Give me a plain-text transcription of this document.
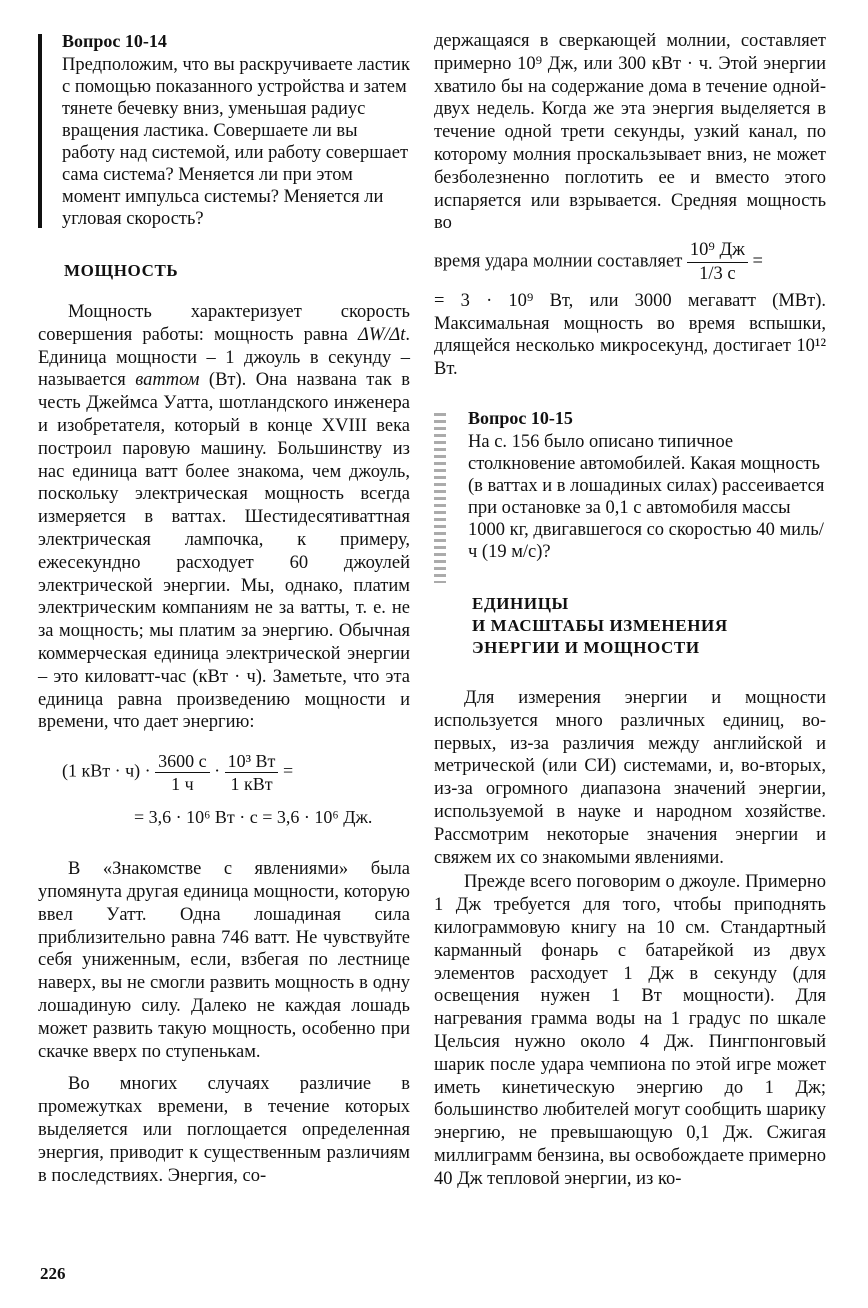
Вопрос 10-14
Предположим, что вы раскручиваете ластик с помощью показанного устройства и затем тянете бечевку вниз, уменьшая радиус вращения ластика. Совершаете ли вы работу над системой, или работу совершает сама система? Меняется ли при этом момент импульса системы? Меняется ли угловая скорость?
МОЩНОСТЬ

Мощность характеризует скорость совершения работы: мощность равна ΔW/Δt. Единица мощности – 1 джоуль в секунду – называется ваттом (Вт). Она названа так в честь Джеймса Уатта, шотландского инженера и изобретателя, который в конце XVIII века построил паровую машину. Большинству из нас единица ватт более знакома, чем джоуль, поскольку электрическая мощность всегда измеряется в ваттах. Шестидесятиваттная электрическая лампочка, к примеру, ежесекундно расходует 60 джоулей электрической энергии. Мы, однако, платим электрическим компаниям не за ватты, т. е. не за мощность; мы платим за энергию. Обычная коммерческая единица электрической энергии – это киловатт-час (кВт · ч). Заметьте, что эта единица равна произведению мощности и времени, что дает энергию:

(1 кВт · $ч) \cdot \frac{3600 с}{1 ч} \cdot \frac{\text{10³ Вт}}{\text{1 кВт}}$ =
= 3,6 · 10⁶ Вт · с = 3,6 · 10⁶ Дж.

В «Знакомстве с явлениями» была упомянута другая единица мощности, которую ввел Уатт. Одна лошадиная сила приблизительно равна 746 ватт. Не чувствуйте себя униженным, если, взбегая по лестнице наверх, вы не смогли развить мощность в одну лошадиную силу. Далеко не каждая лошадь может развить такую мощность, особенно при скачке вверх по ступенькам.

Во многих случаях различие в промежутках времени, в течение которых выделяется или поглощается определенная энергия, приводит к существенным различиям в последствиях. Энергия, со-

226

держащаяся в сверкающей молнии, составляет примерно 10⁹ Дж, или 300 кВт · ч. Этой энергии хватило бы на содержание дома в течение одной-двух недель. Когда же эта энергия выделяется в течение одной трети секунды, узкий канал, по которому молния проскальзывает вниз, не может безболезненно поглотить ее и вместо этого испаряется или взрывается. Средняя мощность во

время удара молнии составляет $\frac{\text{10⁹ Дж}}{1/3 с}$ =

= 3 · 10⁹ Вт, или 3000 мегаватт (МВт). Максимальная мощность во время вспышки, длящейся несколько микросекунд, достигает 10¹² Вт.

Вопрос 10-15
На с. 156 было описано типичное столкновение автомобилей. Какая мощность (в ваттах и в лошадиных силах) рассеивается при остановке за 0,1 с автомобиля массы 1000 кг, двигавшегося со скоростью 40 миль/ч (19 м/с)?
ЕДИНИЦЫ
И МАСШТАБЫ ИЗМЕНЕНИЯ
ЭНЕРГИИ И МОЩНОСТИ

Для измерения энергии и мощности используется много различных единиц, во-первых, из-за различия между английской и метрической (или СИ) системами, и, во-вторых, из-за огромного диапазона значений энергии, используемой в науке и народном хозяйстве. Рассмотрим некоторые значения энергии и свяжем их со знакомыми явлениями.

Прежде всего поговорим о джоуле. Примерно 1 Дж требуется для того, чтобы приподнять килограммовую книгу на 10 см. Стандартный карманный фонарь с батарейкой из двух элементов расходует 1 Дж в секунду (для освещения нужен 1 Вт мощности). Для нагревания грамма воды на 1 градус по шкале Цельсия нужно около 4 Дж. Пингпонговый шарик после удара чемпиона по этой игре может иметь кинетическую энергию до 1 Дж; большинство любителей могут сообщить шарику энергию, не превышающую 0,1 Дж. Сжигая миллиграмм бензина, вы освобождаете примерно 40 Дж тепловой энергии, из ко-
